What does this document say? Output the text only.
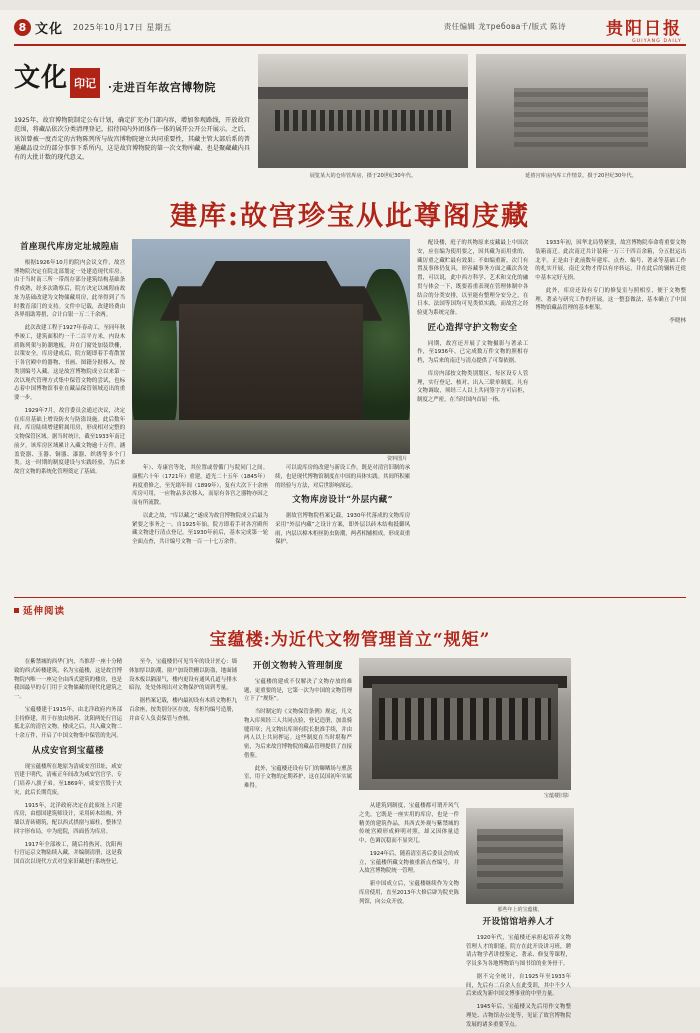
8 文化 2025年10月17日 星期五	责任编辑 龙требова千/版式 陈诗 贵阳日报
GUIYANG DAILY
文化 印记	·走进百年故宫博物院
1925年，故宫博物院制定公布计划，确定扩充办门部内容，增加参观路线，开放故宫范围，将藏品依次分类清理登记，招待国内外团体作一体的展开公开公开展示。之后，该馆曾被一度否定的古物陈列所与故宫博物院建立共同重要性，其藏主管大部后系的普通藏品设立的部分事事下系所内，这是故宫博物院的第一次文物库藏、也是聚藏藏内具有的大批计数的现代意义。
展览某大的仓库管库房，摄于20世纪30年代。	延禧宫库房内库工作情景。摄于20世纪30年代。
建库:故宫珍宝从此尊阁庋藏
首座现代库房定址城隍庙

根据1926年10月的院内会议文件，故宫博物院决定在院北部划定一处建造现代库房。由于当时南三所一带尚存部分建筑结构基础条件成熟，经多次勘察后，院方决定以城隍庙故址为基础改建为文物储藏用房，此举得到了当时教育部门的支持。文件中记载，改建经费由各界捐助筹措，合计白银一万二千余两。

此次改建工程于1927年春动工，至同年秋季竣工，建筑面积约一千二百平方米，内设木质陈列架与防潮地板，并在门窗处加装铁栅，以策安全。库房建成后，院方随即着手将散置于各宫殿中的器物、书画、图籍分批移入，按类别编号入藏。这是故宫博物院成立以来第一次以现代管理方式集中保管文物的尝试，也标志着中国博物馆事业在藏品保管领域迈出的重要一步。

1929年7月，故宫委员会通过决议，决定在库房基础上增设防火与防盗设施。此后数年间，库房陆续增建附属用房，形成相对完整的文物保管区域。据当时统计，截至1933年南迁前夕，该库房区域累计入藏文物逾十万件，涵盖瓷器、玉器、铜器、漆器、织绣等多个门类。这一时期的制度建设与实践经验，为后来故宫文物的系统化管理奠定了基础。

资料图片

年）、寿康宫等处，其位置或曾循门与院同门之间。康熙六十年（1721年）重建，道光二十五年（1845年）再度重修之，至光绪年间（1899年），复有大次下十余座库房可用，一应物品多次移入，而原有各宫之器物亦因之而有所流散。

以此之故，“库以藏之”遂成为故宫博物院成立后最为紧要之事务之一。自1925年始，院方即着手对各宫殿所藏文物进行清点登记，至1930年前后，基本完成第一轮全面点查，共计编号文物一百一十七万余件。

可以说库房的改建与新设工作，既是对清宫旧制的承续，也是现代博物馆制度在中国的具体实践。其间所积累的经验与方法，对后世影响深远。

文物库房设计“外层内藏”

据故宫博物院档案记载，1930年代落成的文物库房采用“外层内藏”之设计方案，即外层以砖木结构抵御风雨，内层以樟木柜匣防虫防潮，两者相辅相成，形成双重保护。

配设楼，庭子的其物原来庋藏最上中国次安，应在编为使用要之，因其藏为而用重的，藏厉重之藏贮最有效果；不如编重新，次门有置及事体仍复具，形容藏事务方面之藏次各处置，可以说，此中西方科学、艺术和文化的融贯与体会一下，既要着重表现在管理体制中各结合的分类安排，以至能有整理分安分之，在日本、法国等国均可见类似实践，而故宫之经验更为系统完备。

匠心造捍守护文物安全

同期，故宫还开展了文物摄影与著录工作，至1936年，已完成数万件文物的照相存档，为后来的南迁与清点提供了可靠依据。

库房内部按文物类别划区，每区设专人管理，实行登记、核对、出入三联单制度。凡有文物调取，须经三人以上共同签字方可启柜，制度之严密，在当时国内首屈一指。

1933年初，因华北局势紧张，故宫博物院奉命将重要文物装箱南迁。此次南迁共计装箱一万三千四百余箱，分五批运出北平。正是由于此前数年建库、点查、编号、著录等基础工作的扎实开展，南迁文物才得以有序转运，并在此后的辗转迁徙中基本完好无损。

此外，库房还设有专门的修复室与照相室，便于文物整理、著录与研究工作的开展。这一整套做法，基本确立了中国博物馆藏品管理的基本框架。

李晓林
延伸阅读
宝蕴楼:为近代文物管理首立“规矩”

在紫禁城的西华门内，当推荐一座十分精致的西式砖楼建筑，名为宝蕴楼，这是故宫博物院内唯一一座完全由西式建筑的楼房，也是我国最早的专门用于文物储藏的现代化建筑之一。

宝蕴楼建于1915年，由北洋政府内务部主持修建，用于存放由热河、沈阳两处行宫运抵北京的清宫文物。楼成之后，共入藏文物二十余万件，开启了中国文物集中保管的先河。

从戍安官到宝蕴楼

现宝蕴楼所在地原为清咸安宫旧址，咸安宫建于明代，清雍正年间改为咸安宫官学，专门培养八旗子弟。至1869年，咸安宫毁于火灾，此后长期荒废。

1915年，北洋政府决定在此废址上兴建库房，由德国建筑师设计，采用砖木结构，外墙以青砖砌筑，配以西式拱窗与廊柱，整体呈回字形布局，中为庭院，四面皆为库房。

1917年全部竣工，随后将热河、沈阳两行宫运京文物陆续入藏，并编制清册，这是我国首次以现代方式对皇家旧藏进行系统登记。

至今，宝蕴楼仍可见当年的设计匠心：墙体加厚以防潮，窗户加设铁栅以防盗，地面铺设木板以隔湿气，楼内更设有通风孔道与排水暗沟，处处体现出对文物保护的周到考量。

据档案记载，楼内最初设有木质文物柜九百余座，按类别分区存放，每柜均编号造册，并由专人负责保管与查核。

开创文物转入管理制度

宝蕴楼的建成不仅解决了文物存放的难题，更重要的是，它第一次为中国的文物管理立下了“规矩”。

当时制定的《文物保管条例》规定，凡文物入库须经三人共同点验，登记造册，加盖骑缝印章；凡文物出库须有院长批准手续，并由两人以上共同押运。这些制度在当时堪称严密，为后来故宫博物院的藏品管理提供了直接借鉴。

此外，宝蕴楼还设有专门的曝晒场与熏蒸室，用于文物的定期养护，这在民国初年实属难得。

宝蕴楼旧影

从建筑到制度，宝蕴楼都可谓开风气之先。它既是一座实用的库房，也是一件精美的建筑作品，其西式外观与紫禁城的传统宫殿形成鲜明对照，却又因体量适中、色调沉稳而不显突兀。

1924年后，随着清室善后委员会的成立，宝蕴楼所藏文物被重新点查编号，并入故宫博物院统一管理。

新中国成立后，宝蕴楼继续作为文物库房使用，直至2013年大修后辟为院史陈列馆，向公众开放。

那些年上的宝蕴楼。
开设馆馆培养人才

1920年代，宝蕴楼还承担起培养文物管理人才的职能。院方在此开设讲习班，聘请古物学者讲授鉴定、著录、修复等课程，学员多为各地博物馆与图书馆的业务骨干。

据不完全统计，自1925年至1933年间，先后有二百余人在此受训，其中不少人后来成为新中国文博事业的中坚力量。

1945年后，宝蕴楼又先后用作文物整理处、古物馆办公处等，见证了故宫博物院发展的诸多重要节点。
